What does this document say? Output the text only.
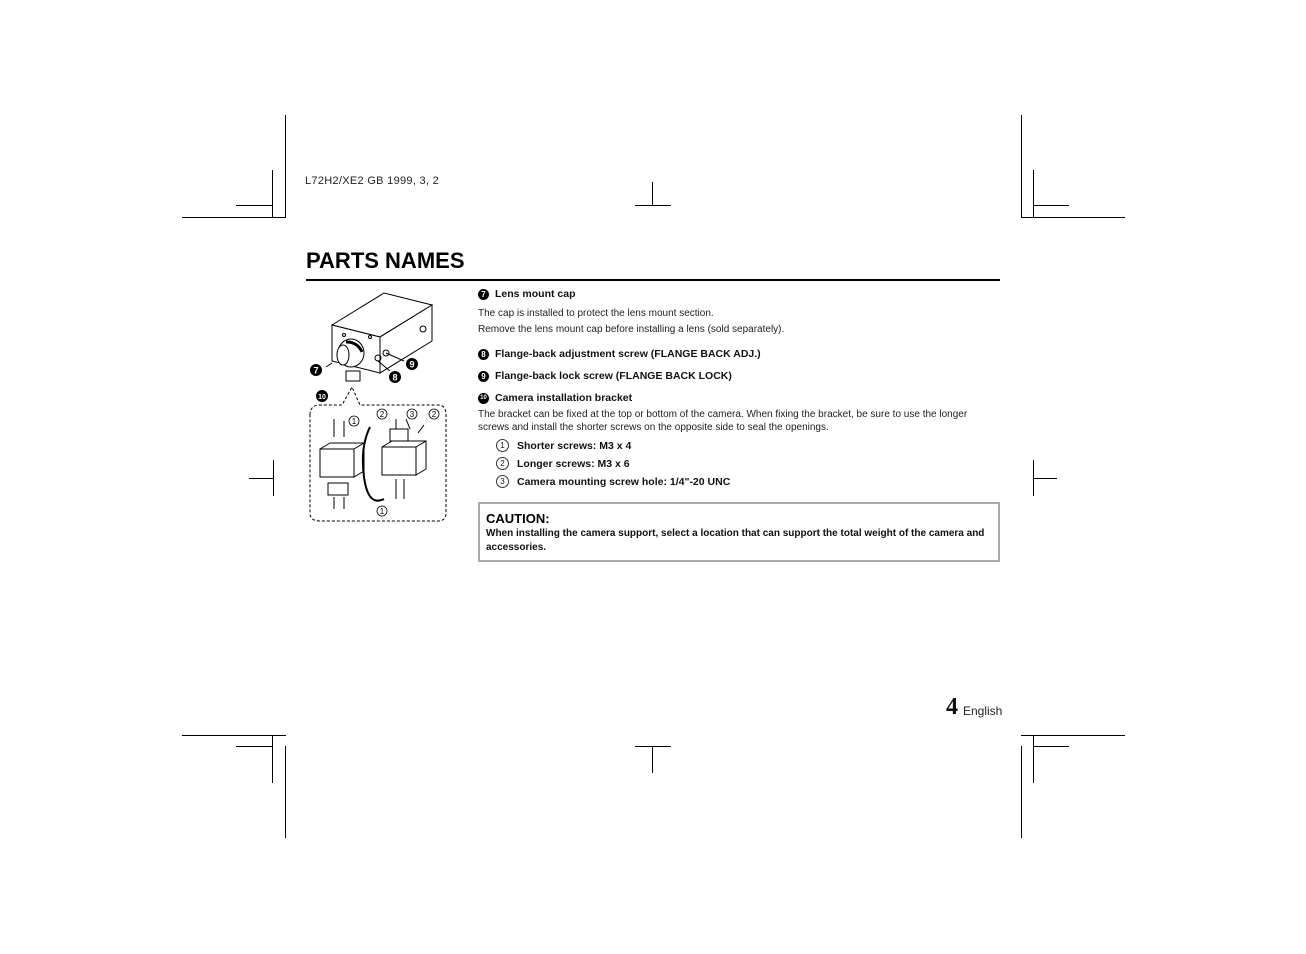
L72H2/XE2 GB 1999, 3, 2
PARTS NAMES
7
8
9
10
1
2	3 2
1
7 Lens mount cap
The cap is installed to protect the lens mount section.
Remove the lens mount cap before installing a lens (sold separately).
8 Flange-back adjustment screw (FLANGE BACK ADJ.)
9 Flange-back lock screw (FLANGE BACK LOCK)
10 Camera installation bracket
The bracket can be fixed at the top or bottom of the camera. When fixing the bracket, be sure to use the longer screws and install the shorter screws on the opposite side to seal the openings.
1	Shorter screws: M3 x 4
2	Longer screws: M3 x 6
3	Camera mounting screw hole: 1/4"-20 UNC
CAUTION:
When installing the camera support, select a location that can support the total weight of the camera and accessories.
4 English
